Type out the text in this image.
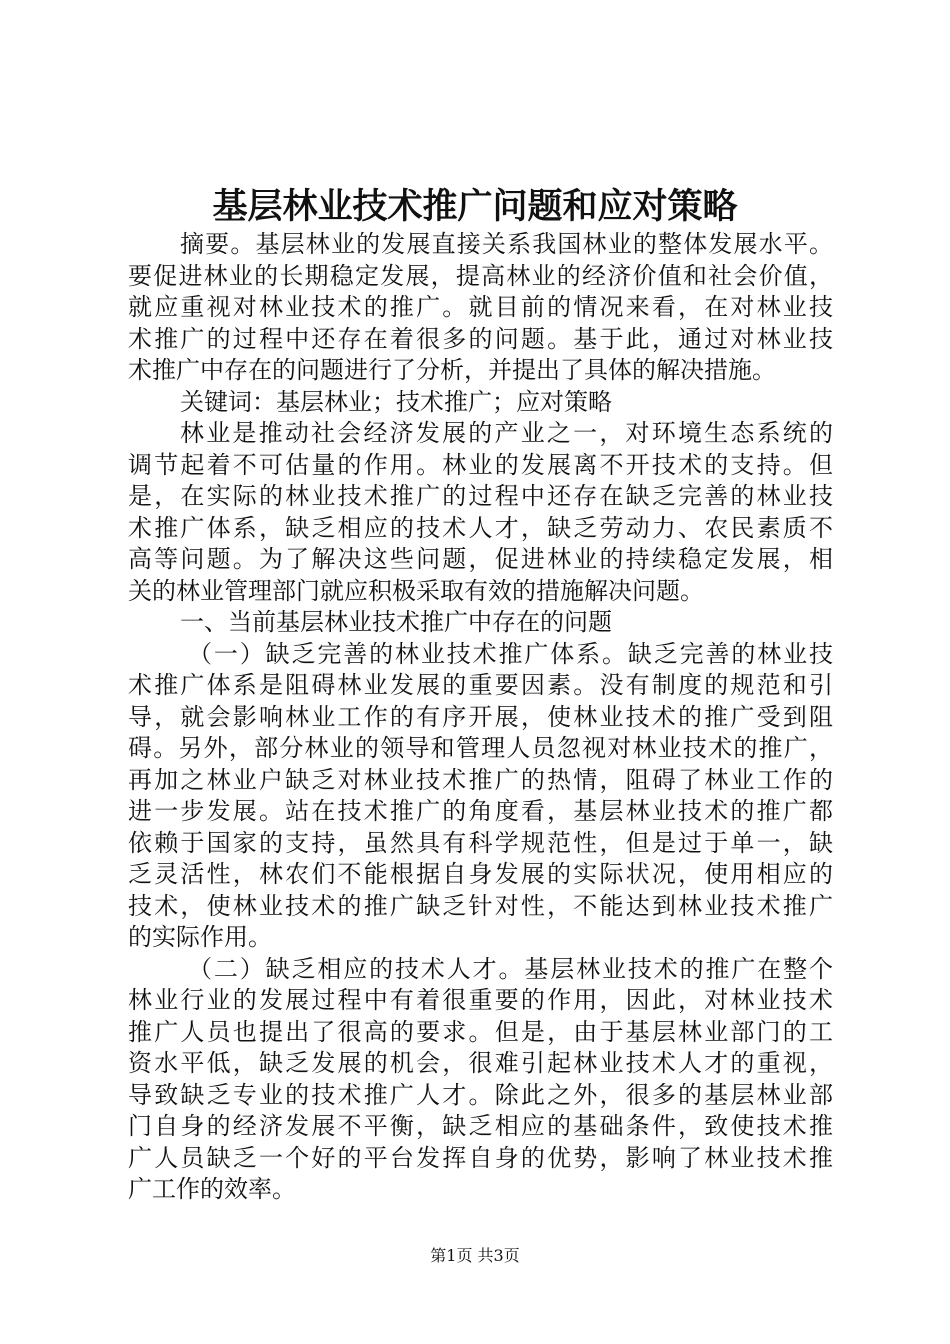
基层林业技术推广问题和应对策略
摘要。基层林业的发展直接关系我国林业的整体发展水平。
要促进林业的长期稳定发展，提高林业的经济价值和社会价值，
就应重视对林业技术的推广。就目前的情况来看，在对林业技
术推广的过程中还存在着很多的问题。基于此，通过对林业技
术推广中存在的问题进行了分析，并提出了具体的解决措施。
关键词：基层林业；技术推广；应对策略
林业是推动社会经济发展的产业之一，对环境生态系统的
调节起着不可估量的作用。林业的发展离不开技术的支持。但
是，在实际的林业技术推广的过程中还存在缺乏完善的林业技
术推广体系，缺乏相应的技术人才，缺乏劳动力、农民素质不
高等问题。为了解决这些问题，促进林业的持续稳定发展，相
关的林业管理部门就应积极采取有效的措施解决问题。
一、当前基层林业技术推广中存在的问题
（一）缺乏完善的林业技术推广体系。缺乏完善的林业技
术推广体系是阻碍林业发展的重要因素。没有制度的规范和引
导，就会影响林业工作的有序开展，使林业技术的推广受到阻
碍。另外，部分林业的领导和管理人员忽视对林业技术的推广，
再加之林业户缺乏对林业技术推广的热情，阻碍了林业工作的
进一步发展。站在技术推广的角度看，基层林业技术的推广都
依赖于国家的支持，虽然具有科学规范性，但是过于单一，缺
乏灵活性，林农们不能根据自身发展的实际状况，使用相应的
技术，使林业技术的推广缺乏针对性，不能达到林业技术推广
的实际作用。
（二）缺乏相应的技术人才。基层林业技术的推广在整个
林业行业的发展过程中有着很重要的作用，因此，对林业技术
推广人员也提出了很高的要求。但是，由于基层林业部门的工
资水平低，缺乏发展的机会，很难引起林业技术人才的重视，
导致缺乏专业的技术推广人才。除此之外，很多的基层林业部
门自身的经济发展不平衡，缺乏相应的基础条件，致使技术推
广人员缺乏一个好的平台发挥自身的优势，影响了林业技术推
广工作的效率。
第1页 共3页
